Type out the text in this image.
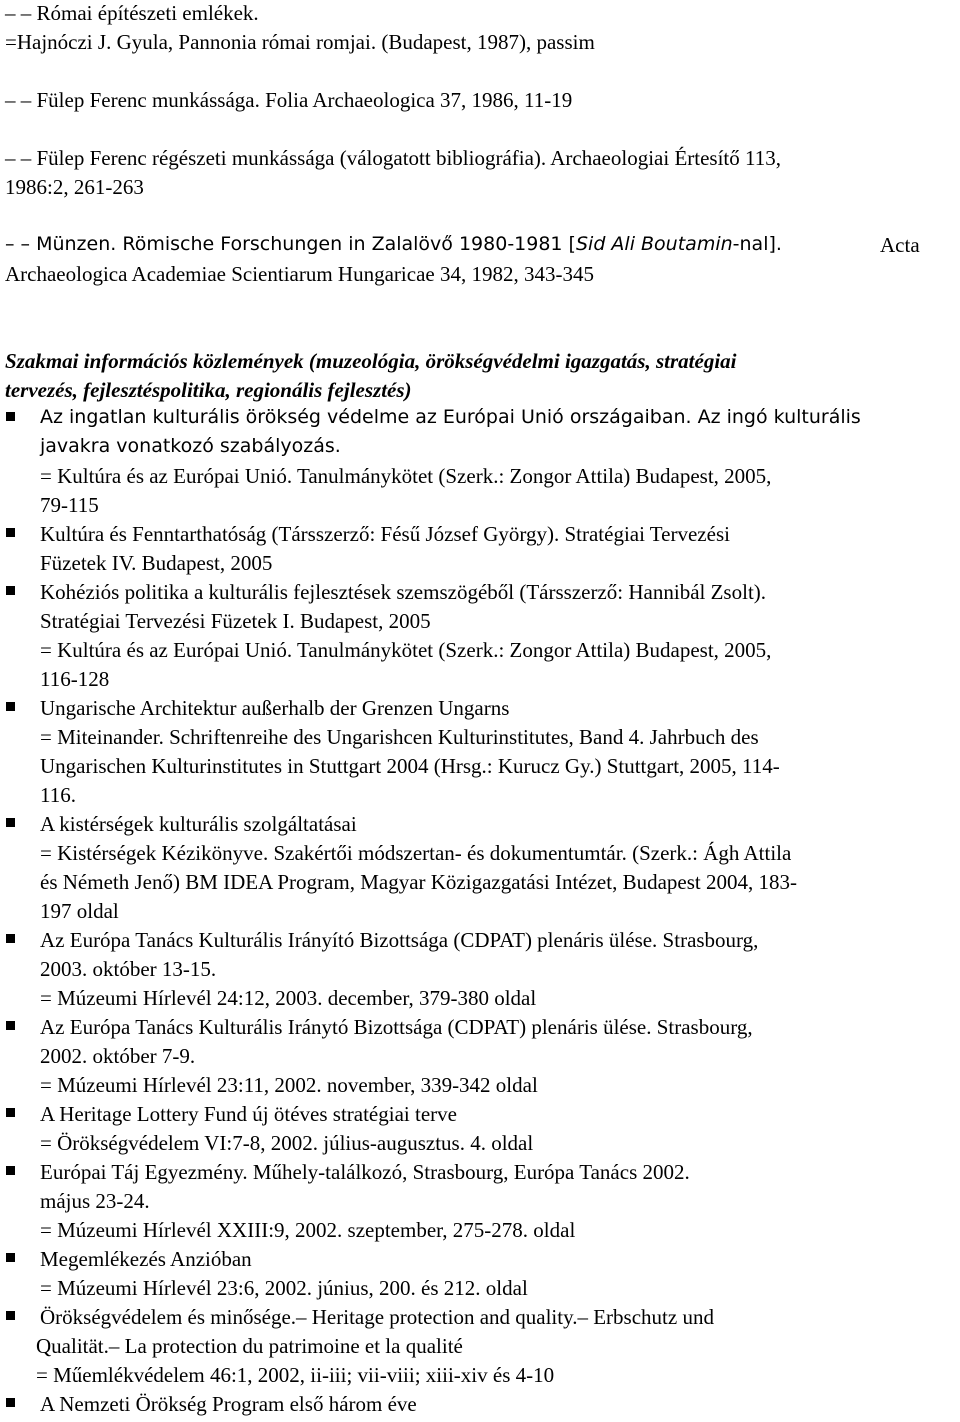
– – Római építészeti emlékek.
=Hajnóczi J. Gyula, Pannonia római romjai. (Budapest, 1987), passim
– – Fülep Ferenc munkássága. Folia Archaeologica 37, 1986, 11-19
– – Fülep Ferenc régészeti munkássága (válogatott bibliográfia). Archaeologiai Értesítő 113,
1986:2, 261-263
– – Münzen. Römische Forschungen in Zalalövő 1980-1981 [Sid Ali Boutamin-nal].	Acta
Archaeologica Academiae Scientiarum Hungaricae 34, 1982, 343-345
Szakmai információs közlemények (muzeológia, örökségvédelmi igazgatás, stratégiai
tervezés, fejlesztéspolitika, regionális fejlesztés)
Az ingatlan kulturális örökség védelme az Európai Unió országaiban. Az ingó kulturális
javakra vonatkozó szabályozás.
= Kultúra és az Európai Unió. Tanulmánykötet (Szerk.: Zongor Attila) Budapest, 2005,
79-115
Kultúra és Fenntarthatóság (Társszerző: Fésű József György). Stratégiai Tervezési
Füzetek IV. Budapest, 2005
Kohéziós politika a kulturális fejlesztések szemszögéből (Társszerző: Hannibál Zsolt).
Stratégiai Tervezési Füzetek I. Budapest, 2005
= Kultúra és az Európai Unió. Tanulmánykötet (Szerk.: Zongor Attila) Budapest, 2005,
116-128
Ungarische Architektur außerhalb der Grenzen Ungarns
= Miteinander. Schriftenreihe des Ungarishcen Kulturinstitutes, Band 4. Jahrbuch des
Ungarischen Kulturinstitutes in Stuttgart 2004 (Hrsg.: Kurucz Gy.) Stuttgart, 2005, 114-
116.
A kistérségek kulturális szolgáltatásai
= Kistérségek Kézikönyve. Szakértői módszertan- és dokumentumtár. (Szerk.: Ágh Attila
és Németh Jenő) BM IDEA Program, Magyar Közigazgatási Intézet, Budapest 2004, 183-
197 oldal
Az Európa Tanács Kulturális Irányító Bizottsága (CDPAT) plenáris ülése. Strasbourg,
2003. október 13-15.
= Múzeumi Hírlevél 24:12, 2003. december, 379-380 oldal
Az Európa Tanács Kulturális Iránytó Bizottsága (CDPAT) plenáris ülése. Strasbourg,
2002. október 7-9.
= Múzeumi Hírlevél 23:11, 2002. november, 339-342 oldal
A Heritage Lottery Fund új ötéves stratégiai terve
= Örökségvédelem VI:7-8, 2002. július-augusztus. 4. oldal
Európai Táj Egyezmény. Műhely-találkozó, Strasbourg, Európa Tanács 2002.
május 23-24.
= Múzeumi Hírlevél XXIII:9, 2002. szeptember, 275-278. oldal
Megemlékezés Anzióban
= Múzeumi Hírlevél 23:6, 2002. június, 200. és 212. oldal
Örökségvédelem és minősége.– Heritage protection and quality.– Erbschutz und
Qualität.– La protection du patrimoine et la qualité
= Műemlékvédelem 46:1, 2002, ii-iii; vii-viii; xiii-xiv és 4-10
A Nemzeti Örökség Program első három éve
